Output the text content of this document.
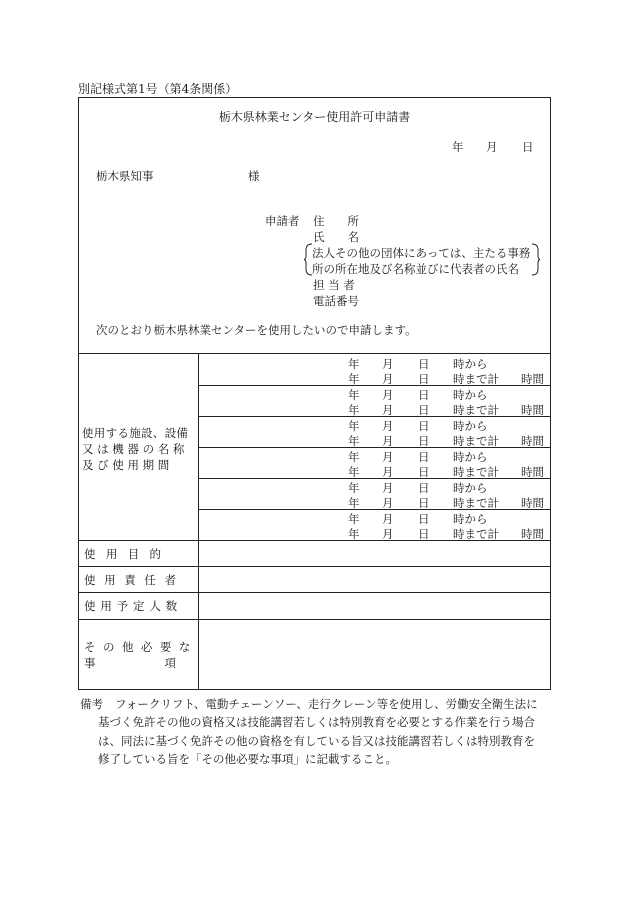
別記様式第1号（第4条関係）
栃木県林業センター使用許可申請書
年 月 日
栃木県知事	様
申請者 住　　所
氏　　名
法人その他の団体にあっては、主たる事務
所の所在地及び名称並びに代表者の氏名
担 当 者
電話番号
次のとおり栃木県林業センターを使用したいので申請します。
使用する施設、設備
又 は 機 器 の 名 称
及 び 使 用 期 間
年 月 日 時から
年 月 日 時まで計 時間
年 月 日 時から
年 月 日 時まで計 時間
年 月 日 時から
年 月 日 時まで計 時間
年 月 日 時から
年 月 日 時まで計 時間
年 月 日 時から
年 月 日 時まで計 時間
年 月 日 時から
年 月 日 時まで計 時間
使用目的
使用責任者
使用予定人数
その他必要な
事　　　　　　項
備考 フォークリフト、電動チェーンソー、走行クレーン等を使用し、労働安全衛生法に
基づく免許その他の資格又は技能講習若しくは特別教育を必要とする作業を行う場合
は、同法に基づく免許その他の資格を有している旨又は技能講習若しくは特別教育を
修了している旨を「その他必要な事項」に記載すること。
